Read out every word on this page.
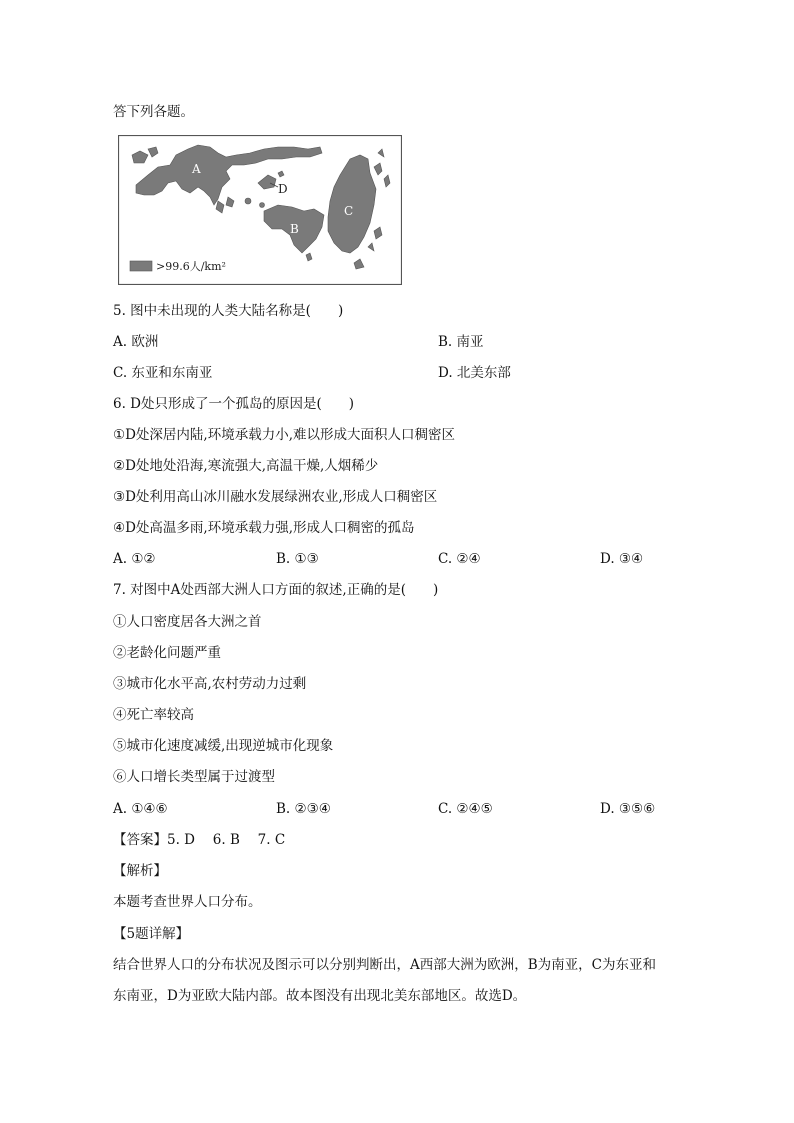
答下列各题。
A
D
B
C
>99.6人/km²
5. 图中未出现的人类大陆名称是(　　)
A. 欧洲	B. 南亚
C. 东亚和东南亚	D. 北美东部
6. D处只形成了一个孤岛的原因是(　　)
①D处深居内陆,环境承载力小,难以形成大面积人口稠密区
②D处地处沿海,寒流强大,高温干燥,人烟稀少
③D处利用高山冰川融水发展绿洲农业,形成人口稠密区
④D处高温多雨,环境承载力强,形成人口稠密的孤岛
A. ①②	B. ①③	C. ②④	D. ③④
7. 对图中A处西部大洲人口方面的叙述,正确的是(　　)
①人口密度居各大洲之首
②老龄化问题严重
③城市化水平高,农村劳动力过剩
④死亡率较高
⑤城市化速度减缓,出现逆城市化现象
⑥人口增长类型属于过渡型
A. ①④⑥	B. ②③④	C. ②④⑤	D. ③⑤⑥
【答案】5. D　 6. B　 7. C
【解析】
本题考查世界人口分布。
【5题详解】
结合世界人口的分布状况及图示可以分别判断出，A西部大洲为欧洲，B为南亚，C为东亚和
东南亚，D为亚欧大陆内部。故本图没有出现北美东部地区。故选D。
